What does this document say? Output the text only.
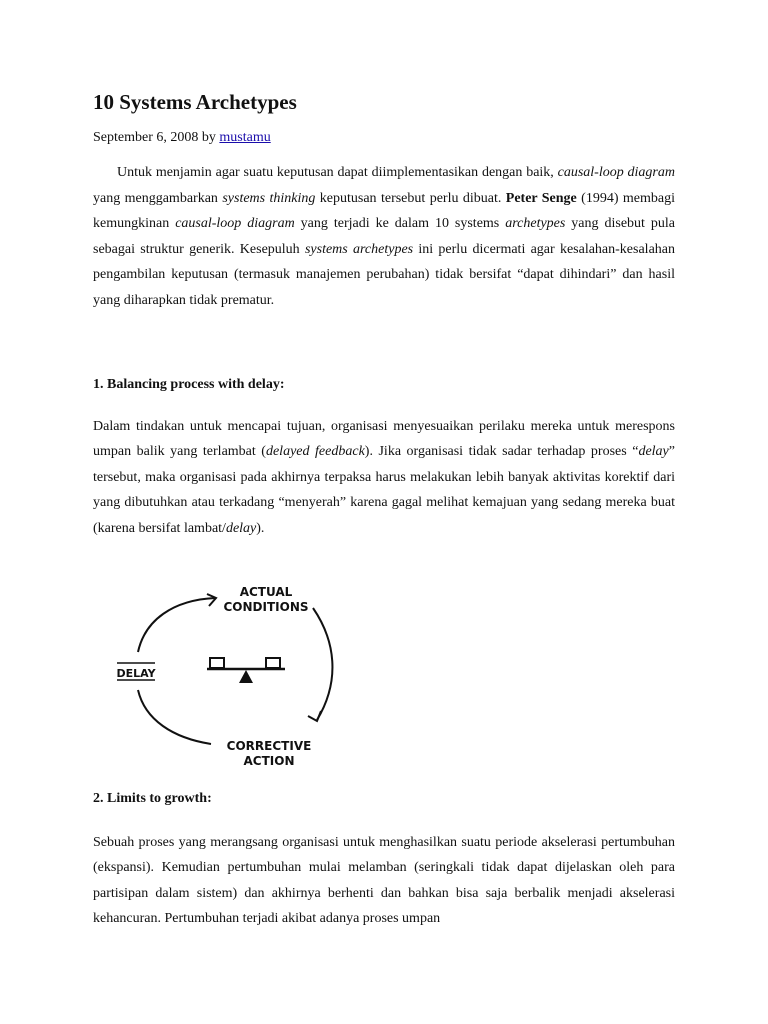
10 Systems Archetypes
September 6, 2008 by mustamu

Untuk menjamin agar suatu keputusan dapat diimplementasikan dengan baik, causal-loop diagram yang menggambarkan systems thinking keputusan tersebut perlu dibuat. Peter Senge (1994) membagi kemungkinan causal-loop diagram yang terjadi ke dalam 10 systems archetypes yang disebut pula sebagai struktur generik. Kesepuluh systems archetypes ini perlu dicermati agar kesalahan-kesalahan pengambilan keputusan (termasuk manajemen perubahan) tidak bersifat “dapat dihindari” dan hasil yang diharapkan tidak prematur.

1. Balancing process with delay:

Dalam tindakan untuk mencapai tujuan, organisasi menyesuaikan perilaku mereka untuk merespons umpan balik yang terlambat (delayed feedback). Jika organisasi tidak sadar terhadap proses “delay” tersebut, maka organisasi pada akhirnya terpaksa harus melakukan lebih banyak aktivitas korektif dari yang dibutuhkan atau terkadang “menyerah” karena gagal melihat kemajuan yang sedang mereka buat (karena bersifat lambat/delay).

ACTUAL
CONDITIONS
DELAY
CORRECTIVE
ACTION
2. Limits to growth:

Sebuah proses yang merangsang organisasi untuk menghasilkan suatu periode akselerasi pertumbuhan (ekspansi). Kemudian pertumbuhan mulai melamban (seringkali tidak dapat dijelaskan oleh para partisipan dalam sistem) dan akhirnya berhenti dan bahkan bisa saja berbalik menjadi akselerasi kehancuran. Pertumbuhan terjadi akibat adanya proses umpan
